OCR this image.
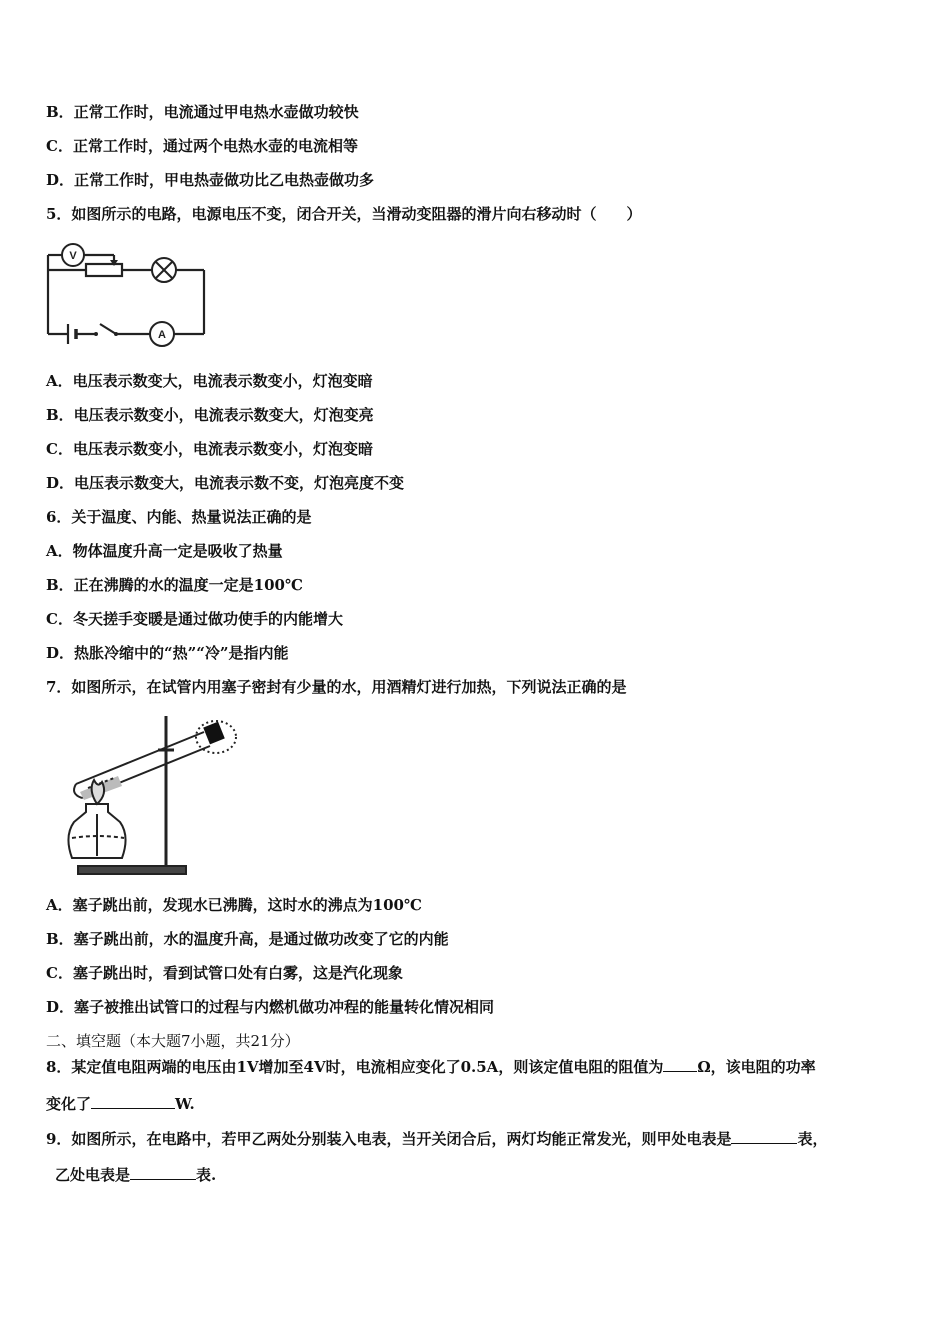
B．正常工作时，电流通过甲电热水壶做功较快
C．正常工作时，通过两个电热水壶的电流相等
D．正常工作时，甲电热壶做功比乙电热壶做功多
5．如图所示的电路，电源电压不变，闭合开关，当滑动变阻器的滑片向右移动时（　　）
V
A
A．电压表示数变大，电流表示数变小，灯泡变暗
B．电压表示数变小，电流表示数变大，灯泡变亮
C．电压表示数变小，电流表示数变小，灯泡变暗
D．电压表示数变大，电流表示数不变，灯泡亮度不变
6．关于温度、内能、热量说法正确的是
A．物体温度升高一定是吸收了热量
B．正在沸腾的水的温度一定是100℃
C．冬天搓手变暖是通过做功使手的内能增大
D．热胀冷缩中的“热”“冷”是指内能
7．如图所示，在试管内用塞子密封有少量的水，用酒精灯进行加热，下列说法正确的是
A．塞子跳出前，发现水已沸腾，这时水的沸点为100℃
B．塞子跳出前，水的温度升高，是通过做功改变了它的内能
C．塞子跳出时，看到试管口处有白雾，这是汽化现象
D．塞子被推出试管口的过程与内燃机做功冲程的能量转化情况相同
二、填空题（本大题7小题，共21分）
8．某定值电阻两端的电压由1V增加至4V时，电流相应变化了0.5A，则该定值电阻的阻值为 Ω，该电阻的功率
变化了	W.
9．如图所示，在电路中，若甲乙两处分别装入电表，当开关闭合后，两灯均能正常发光，则甲处电表是	表，
乙处电表是	表.
